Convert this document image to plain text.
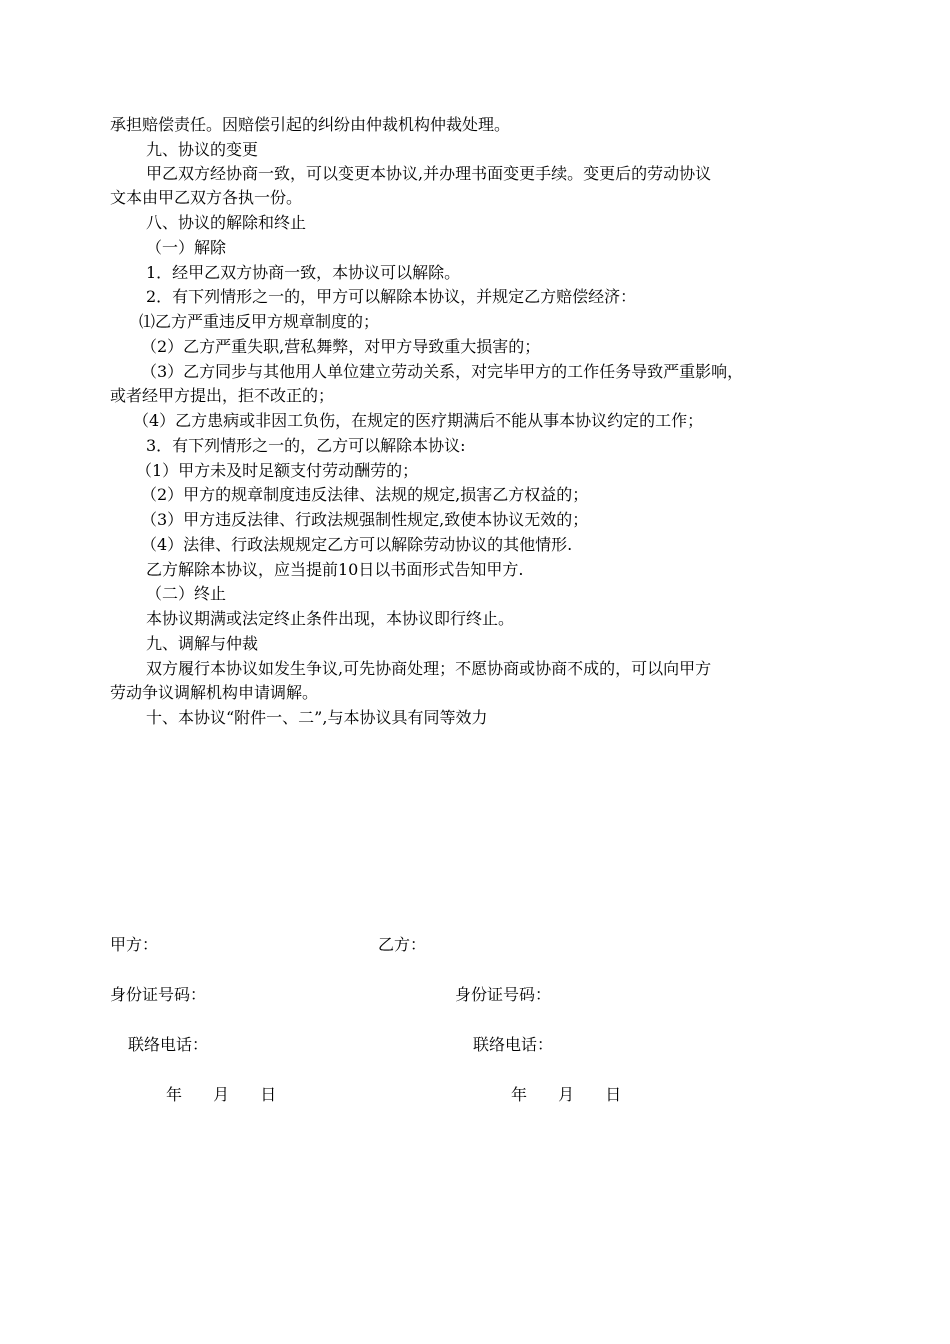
承担赔偿责任。因赔偿引起的纠纷由仲裁机构仲裁处理。
九、协议的变更
甲乙双方经协商一致，可以变更本协议,并办理书面变更手续。变更后的劳动协议
文本由甲乙双方各执一份。
八、协议的解除和终止
（一）解除
1．经甲乙双方协商一致，本协议可以解除。
2．有下列情形之一的，甲方可以解除本协议，并规定乙方赔偿经济：
⑴乙方严重违反甲方规章制度的；
（2）乙方严重失职,营私舞弊，对甲方导致重大损害的；
（3）乙方同步与其他用人单位建立劳动关系，对完毕甲方的工作任务导致严重影响，
或者经甲方提出，拒不改正的；
（4）乙方患病或非因工负伤，在规定的医疗期满后不能从事本协议约定的工作；
3．有下列情形之一的，乙方可以解除本协议:
（1）甲方未及时足额支付劳动酬劳的；
（2）甲方的规章制度违反法律、法规的规定,损害乙方权益的；
（3）甲方违反法律、行政法规强制性规定,致使本协议无效的；
（4）法律、行政法规规定乙方可以解除劳动协议的其他情形.
乙方解除本协议，应当提前10日以书面形式告知甲方.
（二）终止
本协议期满或法定终止条件出现，本协议即行终止。
九、调解与仲裁
双方履行本协议如发生争议,可先协商处理；不愿协商或协商不成的，可以向甲方
劳动争议调解机构申请调解。
十、本协议“附件一、二”,与本协议具有同等效力
甲方：	乙方：
身份证号码：	身份证号码：
联络电话：	联络电话：
年 月 日	年 月 日
